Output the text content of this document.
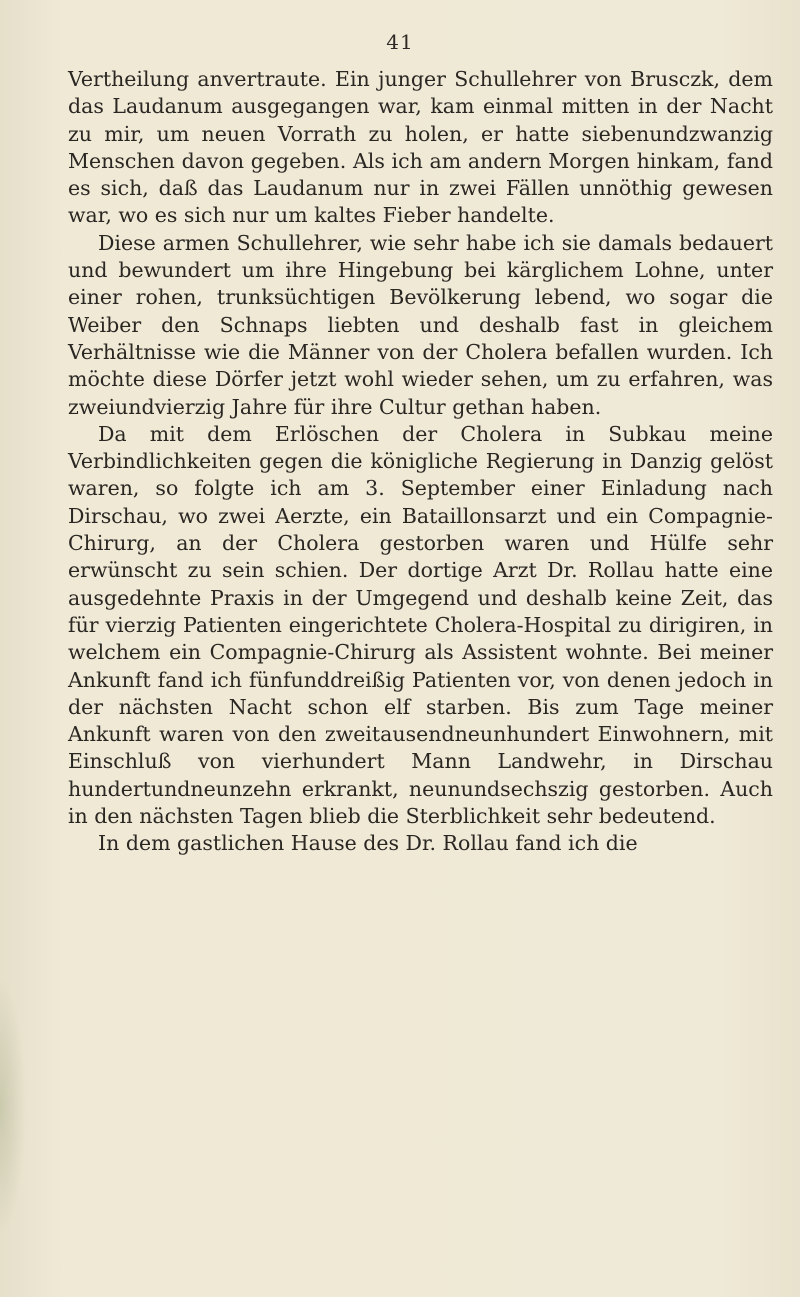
41

Vertheilung anvertraute. Ein junger Schullehrer von Brusczk, dem das Laudanum ausgegangen war, kam einmal mitten in der Nacht zu mir, um neuen Vorrath zu holen, er hatte siebenundzwanzig Menschen davon gegeben. Als ich am andern Morgen hinkam, fand es sich, daß das Laudanum nur in zwei Fällen unnöthig gewesen war, wo es sich nur um kaltes Fieber handelte.

Diese armen Schullehrer, wie sehr habe ich sie damals bedauert und bewundert um ihre Hingebung bei kärglichem Lohne, unter einer rohen, trunksüchtigen Bevölkerung lebend, wo sogar die Weiber den Schnaps liebten und deshalb fast in gleichem Verhältnisse wie die Männer von der Cholera befallen wurden. Ich möchte diese Dörfer jetzt wohl wieder sehen, um zu erfahren, was zweiundvierzig Jahre für ihre Cultur gethan haben.

Da mit dem Erlöschen der Cholera in Subkau meine Verbindlichkeiten gegen die königliche Regierung in Danzig gelöst waren, so folgte ich am 3. September einer Einladung nach Dirschau, wo zwei Aerzte, ein Bataillonsarzt und ein Compagnie-Chirurg, an der Cholera gestorben waren und Hülfe sehr erwünscht zu sein schien. Der dortige Arzt Dr. Rollau hatte eine ausgedehnte Praxis in der Umgegend und deshalb keine Zeit, das für vierzig Patienten eingerichtete Cholera-Hospital zu dirigiren, in welchem ein Compagnie-Chirurg als Assistent wohnte. Bei meiner Ankunft fand ich fünfunddreißig Patienten vor, von denen jedoch in der nächsten Nacht schon elf starben. Bis zum Tage meiner Ankunft waren von den zweitausendneunhundert Einwohnern, mit Einschluß von vierhundert Mann Landwehr, in Dirschau hundertundneunzehn erkrankt, neunundsechszig gestorben. Auch in den nächsten Tagen blieb die Sterblichkeit sehr bedeutend.

In dem gastlichen Hause des Dr. Rollau fand ich die
